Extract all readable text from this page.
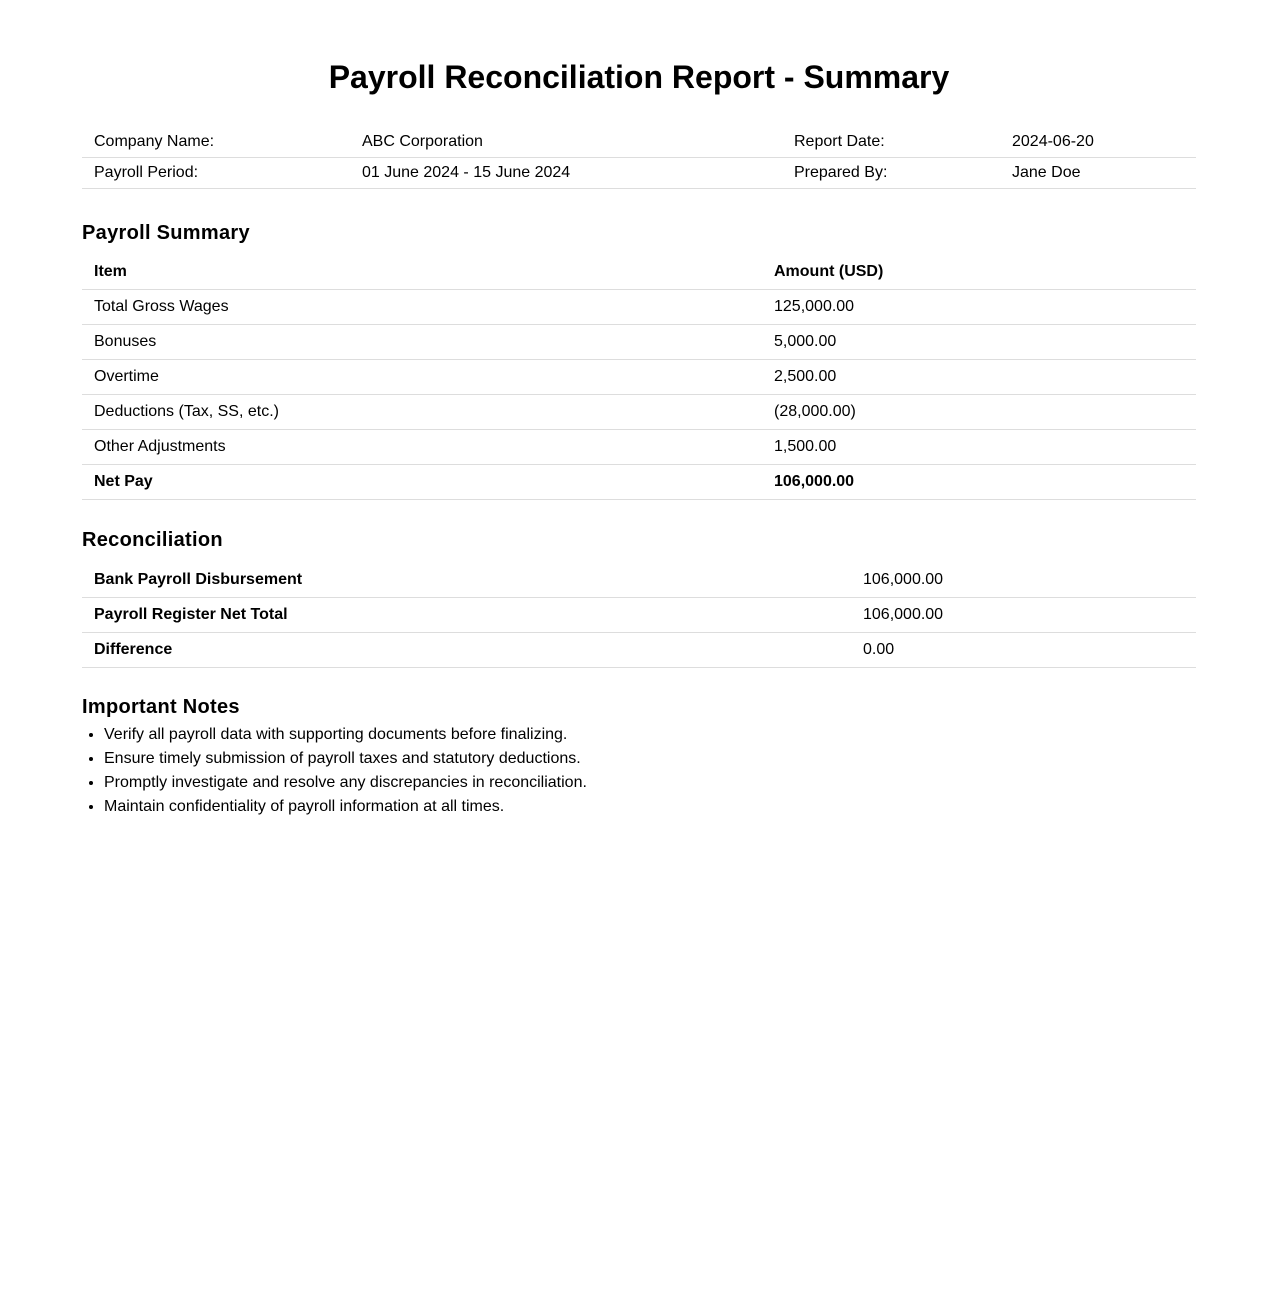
Payroll Reconciliation Report - Summary
Company Name:	ABC Corporation	Report Date:	2024-06-20
Payroll Period:	01 June 2024 - 15 June 2024	Prepared By:	Jane Doe
Payroll Summary
Item	Amount (USD)
Total Gross Wages	125,000.00
Bonuses	5,000.00
Overtime	2,500.00
Deductions (Tax, SS, etc.)	(28,000.00)
Other Adjustments	1,500.00
Net Pay	106,000.00
Reconciliation
Bank Payroll Disbursement	106,000.00
Payroll Register Net Total	106,000.00
Difference	0.00
Important Notes
• Verify all payroll data with supporting documents before finalizing.
• Ensure timely submission of payroll taxes and statutory deductions.
• Promptly investigate and resolve any discrepancies in reconciliation.
• Maintain confidentiality of payroll information at all times.
